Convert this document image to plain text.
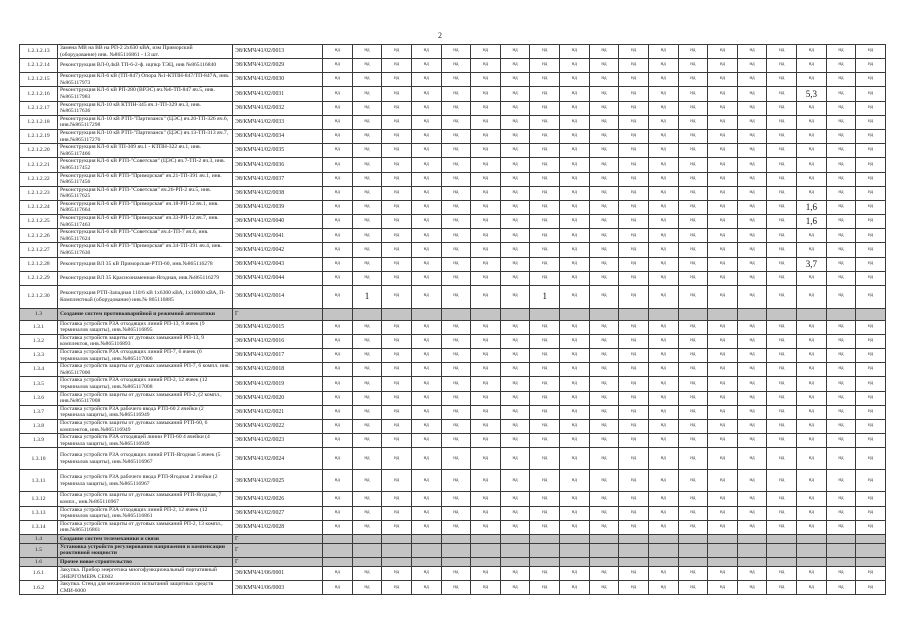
2
1.2.1.2.13	Замена МВ на ВВ на РП-2 2х630 кВА, изм Приморский (оборудование) инв. №865116861 - 13 шт.	Э8/КМЧ/41/02/0013	нд	нд	нд	нд	нд	нд	нд	нд	нд	нд	нд	нд	нд	нд	нд	нд	нд	нд	нд
1.2.1.2.14	Реконструкция ВЛ-0,4кВ ТП-6-2-ф. ицпкр ТЭЦ, инв №865116840	Э8/КМЧ/41/02/0029	нд	нд	нд	нд	нд	нд	нд	нд	нд	нд	нд	нд	нд	нд	нд	нд	нд	нд	нд
1.2.1.2.15	Реконструкция КЛ-6 кВ (ТП-847) Опора №1-КТПН-847/ТП-847А, инв.№865117973	Э8/КМЧ/41/02/0030	нд	нд	нд	нд	нд	нд	нд	нд	нд	нд	нд	нд	нд	нд	нд	нд	нд	нд	нд
1.2.1.2.16	Реконструкция КЛ-6 кВ РП-280 (ВРЭС) яч.№6-ТП-847 яч.5, инв.№865117983	Э8/КМЧ/41/02/0031	нд	нд	нд	нд	нд	нд	нд	нд	нд	нд	нд	нд	нд	нд	нд	нд	5,3	нд	нд
1.2.1.2.17	Реконструкция КЛ-10 кВ КТПН-345 яч.1-ТП-329 яч.3, инв.№865117636	Э8/КМЧ/41/02/0032	нд	нд	нд	нд	нд	нд	нд	нд	нд	нд	нд	нд	нд	нд	нд	нд	нд	нд	нд
1.2.1.2.18	Реконструкция КЛ-10 кВ РТП-"Партизанск" (ЦЭС) яч.20-ТП-326 яч.6, инв.№865117298	Э8/КМЧ/41/02/0033	нд	нд	нд	нд	нд	нд	нд	нд	нд	нд	нд	нд	нд	нд	нд	нд	нд	нд	нд
1.2.1.2.19	Реконструкция КЛ-10 кВ РТП-"Партизанск" (ЦЭС) яч.13-ТП-313 яч.7, инв.№865117276	Э8/КМЧ/41/02/0034	нд	нд	нд	нд	нд	нд	нд	нд	нд	нд	нд	нд	нд	нд	нд	нд	нд	нд	нд
1.2.1.2.20	Реконструкция КЛ-6 кВ ТП-309 яч.1 - КТПН-322 яч.1, инв.№865117466	Э8/КМЧ/41/02/0035	нд	нд	нд	нд	нд	нд	нд	нд	нд	нд	нд	нд	нд	нд	нд	нд	нд	нд	нд
1.2.1.2.21	Реконструкция КЛ-6 кВ РТП-"Советская" (ЦЭС) яч.7-ТП-2 яч.3, инв.№865117452	Э8/КМЧ/41/02/0036	нд	нд	нд	нд	нд	нд	нд	нд	нд	нд	нд	нд	нд	нд	нд	нд	нд	нд	нд
1.2.1.2.22	Реконструкция КЛ-6 кВ РТП-"Приморская" яч.21-ТП-391 яч.1, инв.№865117456	Э8/КМЧ/41/02/0037	нд	нд	нд	нд	нд	нд	нд	нд	нд	нд	нд	нд	нд	нд	нд	нд	нд	нд	нд
1.2.1.2.23	Реконструкция КЛ-6 кВ РТП-"Советская" яч.26-РП-2 яч.5, инв.№865117625	Э8/КМЧ/41/02/0038	нд	нд	нд	нд	нд	нд	нд	нд	нд	нд	нд	нд	нд	нд	нд	нд	нд	нд	нд
1.2.1.2.24	Реконструкция КЛ-6 кВ РТП-"Приморская" яч.18-РП-12 яч.1, инв.№865117664	Э8/КМЧ/41/02/0039	нд	нд	нд	нд	нд	нд	нд	нд	нд	нд	нд	нд	нд	нд	нд	нд	1,6	нд	нд
1.2.1.2.25	Реконструкция КЛ-6 кВ РТП-"Приморская" яч.33-РП-12 яч.7, инв.№865117463	Э8/КМЧ/41/02/0040	нд	нд	нд	нд	нд	нд	нд	нд	нд	нд	нд	нд	нд	нд	нд	нд	1,6	нд	нд
1.2.1.2.26	Реконструкция КЛ-6 кВ РТП-"Советская" яч.4-ТП-7 яч.6, инв.№865117624	Э8/КМЧ/41/02/0041	нд	нд	нд	нд	нд	нд	нд	нд	нд	нд	нд	нд	нд	нд	нд	нд	нд	нд	нд
1.2.1.2.27	Реконструкция КЛ-6 кВ РТП-"Приморская" яч.34-ТП-391 яч.4, инв.№865117630	Э8/КМЧ/41/02/0042	нд	нд	нд	нд	нд	нд	нд	нд	нд	нд	нд	нд	нд	нд	нд	нд	нд	нд	нд
1.2.1.2.28	Реконструкция ВЛ 35 кВ Приморская-РТП-60, инв.№865116278	Э8/КМЧ/41/02/0043	нд	нд	нд	нд	нд	нд	нд	нд	нд	нд	нд	нд	нд	нд	нд	нд	3,7	нд	нд
1.2.1.2.29	Реконструкция ВЛ 35 Краснознаменная-Ягодная, инв.№865116279	Э8/КМЧ/41/02/0044	нд	нд	нд	нд	нд	нд	нд	нд	нд	нд	нд	нд	нд	нд	нд	нд	нд	нд	нд
1.2.1.2.30	Реконструкция РТП-Западная 110/6 кВ 1х6300 кВА, 1х10000 кВА, П-Комплектный (оборудование) инв.№ 865116885	Э8/КМЧ/41/02/0014	нд	1	нд	нд	нд	нд	нд	1	нд	нд	нд	нд	нд	нд	нд	нд	нд	нд	нд
1.3	Создание систем противоаварийной и режимной автоматики	Г																			
1.3.1	Поставка устройств РЗА отходящих линий РП-13, 9 ячеек (9 терминалов защиты), инв.№865116895	Э8/КМЧ/41/02/0015	нд	нд	нд	нд	нд	нд	нд	нд	нд	нд	нд	нд	нд	нд	нд	нд	нд	нд	нд
1.3.2	Поставка устройств защиты от дуговых замыканий РП-13, 9 комплектов, инв.№865116893	Э8/КМЧ/41/02/0016	нд	нд	нд	нд	нд	нд	нд	нд	нд	нд	нд	нд	нд	нд	нд	нд	нд	нд	нд
1.3.3	Поставка устройств РЗА отходящих линий РП-7, 6 ячеек (6 терминалов защиты), инв.№865117006	Э8/КМЧ/41/02/0017	нд	нд	нд	нд	нд	нд	нд	нд	нд	нд	нд	нд	нд	нд	нд	нд	нд	нд	нд
1.3.4	Поставка устройств защиты от дуговых замыканий РП-7, 6 компл. инв.№865117000	Э8/КМЧ/41/02/0018	нд	нд	нд	нд	нд	нд	нд	нд	нд	нд	нд	нд	нд	нд	нд	нд	нд	нд	нд
1.3.5	Поставка устройств РЗА отходящих линий РП-2, 12 ячеек (12 терминалов защиты), инв.№865117008	Э8/КМЧ/41/02/0019	нд	нд	нд	нд	нд	нд	нд	нд	нд	нд	нд	нд	нд	нд	нд	нд	нд	нд	нд
1.3.6	Поставка устройств защиты от дуговых замыканий РП-2, (2 компл., инв.№865117008	Э8/КМЧ/41/02/0020	нд	нд	нд	нд	нд	нд	нд	нд	нд	нд	нд	нд	нд	нд	нд	нд	нд	нд	нд
1.3.7	Поставка устройств РЗА рабочего ввода РТП-60 2 ячейки (2 терминала защиты), инв.№865116949	Э8/КМЧ/41/02/0021	нд	нд	нд	нд	нд	нд	нд	нд	нд	нд	нд	нд	нд	нд	нд	нд	нд	нд	нд
1.3.8	Поставка устройств защиты от дуговых замыканий РТП-60, 6 комплектов, инв.№865116949	Э8/КМЧ/41/02/0022	нд	нд	нд	нд	нд	нд	нд	нд	нд	нд	нд	нд	нд	нд	нд	нд	нд	нд	нд
1.3.9	Поставка устройств РЗА отходящей линии РТП-60 4 ячейки (4 терминала защиты), инв.№865116949	Э8/КМЧ/41/02/0023	нд	нд	нд	нд	нд	нд	нд	нд	нд	нд	нд	нд	нд	нд	нд	нд	нд	нд	нд
1.3.10	Поставка устройств РЗА отходящих линий РТП-Ягодная 5 ячеек (5 терминалов защиты), инв.№865116967	Э8/КМЧ/41/02/0024	нд	нд	нд	нд	нд	нд	нд	нд	нд	нд	нд	нд	нд	нд	нд	нд	нд	нд	нд
1.3.11	Поставка устройств РЗА рабочего ввода РТП-Ягодная 2 ячейки (2 терминала защиты), инв.№865116967	Э8/КМЧ/41/02/0025	нд	нд	нд	нд	нд	нд	нд	нд	нд	нд	нд	нд	нд	нд	нд	нд	нд	нд	нд
1.3.12	Поставка устройств защиты от дуговых замыканий РТП-Ягодная, 7 компл., инв.№865116967	Э8/КМЧ/41/02/0026	нд	нд	нд	нд	нд	нд	нд	нд	нд	нд	нд	нд	нд	нд	нд	нд	нд	нд	нд
1.3.13	Поставка устройств РЗА отходящих линий РП-2, 12 ячеек (12 терминалов защиты), инв.№865116861	Э8/КМЧ/41/02/0027	нд	нд	нд	нд	нд	нд	нд	нд	нд	нд	нд	нд	нд	нд	нд	нд	нд	нд	нд
1.3.14	Поставка устройств защиты от дуговых замыканий РП-2, 13 компл., инв.№865116861	Э8/КМЧ/41/02/0028	нд	нд	нд	нд	нд	нд	нд	нд	нд	нд	нд	нд	нд	нд	нд	нд	нд	нд	нд
1.4	Создание систем телемеханики и связи	Г																			
1.5	Установка устройств регулирования напряжения и компенсации реактивной мощности	Г																			
1.6	Прочее новое строительство	Г																			
1.6.1	Закупка. Прибор энергетика многофункциональный портативный ЭНЕРГОМЕРА СЕ602	Э8/КМЧ/41/06/0001	нд	нд	нд	нд	нд	нд	нд	нд	нд	нд	нд	нд	нд	нд	нд	нд	нд	нд	нд
1.6.2	Закупка. Стенд для механических испытаний защитных средств СМИ-6000	Э8/КМЧ/41/06/0003	нд	нд	нд	нд	нд	нд	нд	нд	нд	нд	нд	нд	нд	нд	нд	нд	нд	нд	нд
